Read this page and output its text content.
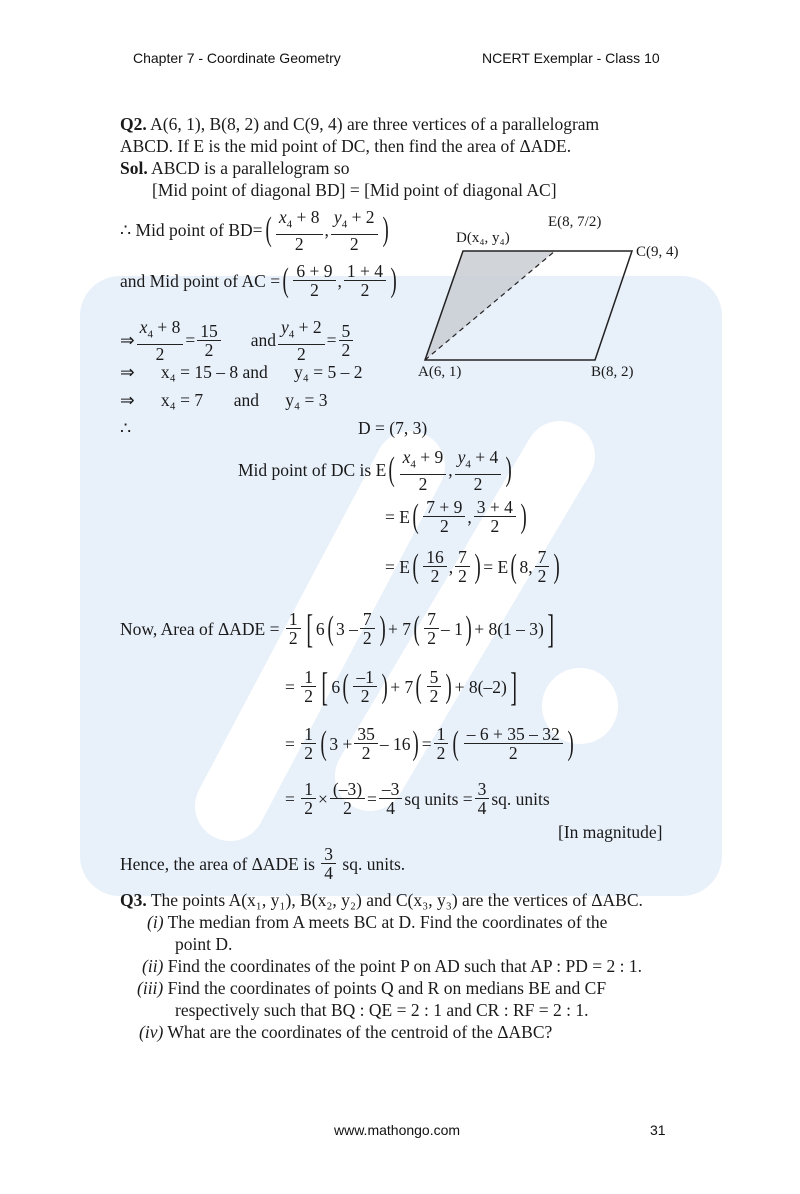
Chapter 7 - Coordinate Geometry	NCERT Exemplar - Class 10
Q2. A(6, 1), B(8, 2) and C(9, 4) are three vertices of a parallelogram
ABCD. If E is the mid point of DC, then find the area of ΔADE.
Sol. ABCD is a parallelogram so
[Mid point of diagonal BD] = [Mid point of diagonal AC]
∴ Mid point of BD= ( $\frac{x_4 + 8}{2}$ , $\frac{y_4 + 2}{2}$ )
and Mid point of AC = ( $\frac{6 + 9}{2}$ , $\frac{1 + 4}{2}$ )
D(x₄, y₄)
E(8, 7/2)
C(9, 4)
A(6, 1)	B(8, 2)
⇒ $\frac{x_4 + 8}{2} = \frac{15}{2}$ and $\frac{y_4 + 2}{2} = \frac{5}{2}$
⇒      x₄ = 15 – 8 and      y₄ = 5 – 2
⇒      x₄ = 7       and      y₄ = 3
∴	D = (7, 3)
Mid point of DC is E ( $\frac{x_4 + 9}{2}$ , $\frac{y_4 + 4}{2}$ )
= E ( $\frac{7 + 9}{2}$ , $\frac{3 + 4}{2}$ )
= E ( $\frac{16}{2}$ , $\frac{7}{2}$ ) = E ( 8, $\frac{7}{2}$ )
Now, Area of ΔADE =
$\frac{1}{2}$ [ 6 ( $3 - \frac{7}{2}$ ) + 7 ( $\frac{7}{2} - 1$ ) + 8(1 – 3) ]
= $\frac{1}{2}$ [ 6 ( $\frac{-1}{2}$ ) + 7 ( $\frac{5}{2}$ ) + 8(–2) ]
= $\frac{1}{2}$ ( $3 + \frac{35}{2} - 16$ ) = $\frac{1}{2}$ ( $\frac{- 6 + 35 - 32}{2}$ )
= $\frac{1}{2} \times \frac{(-3)}{2} = \frac{-3}{4}$ sq units = $\frac{3}{4}$ sq. units
[In magnitude]
Hence, the area of ΔADE is
$\frac{3}{4}$
sq. units.
Q3. The points A(x₁, y₁), B(x₂, y₂) and C(x₃, y₃) are the vertices of ΔABC.
(i) The median from A meets BC at D. Find the coordinates of the
point D.
(ii) Find the coordinates of the point P on AD such that AP : PD = 2 : 1.
(iii) Find the coordinates of points Q and R on medians BE and CF
respectively such that BQ : QE = 2 : 1 and CR : RF = 2 : 1.
(iv) What are the coordinates of the centroid of the ΔABC?
www.mathongo.com	31
